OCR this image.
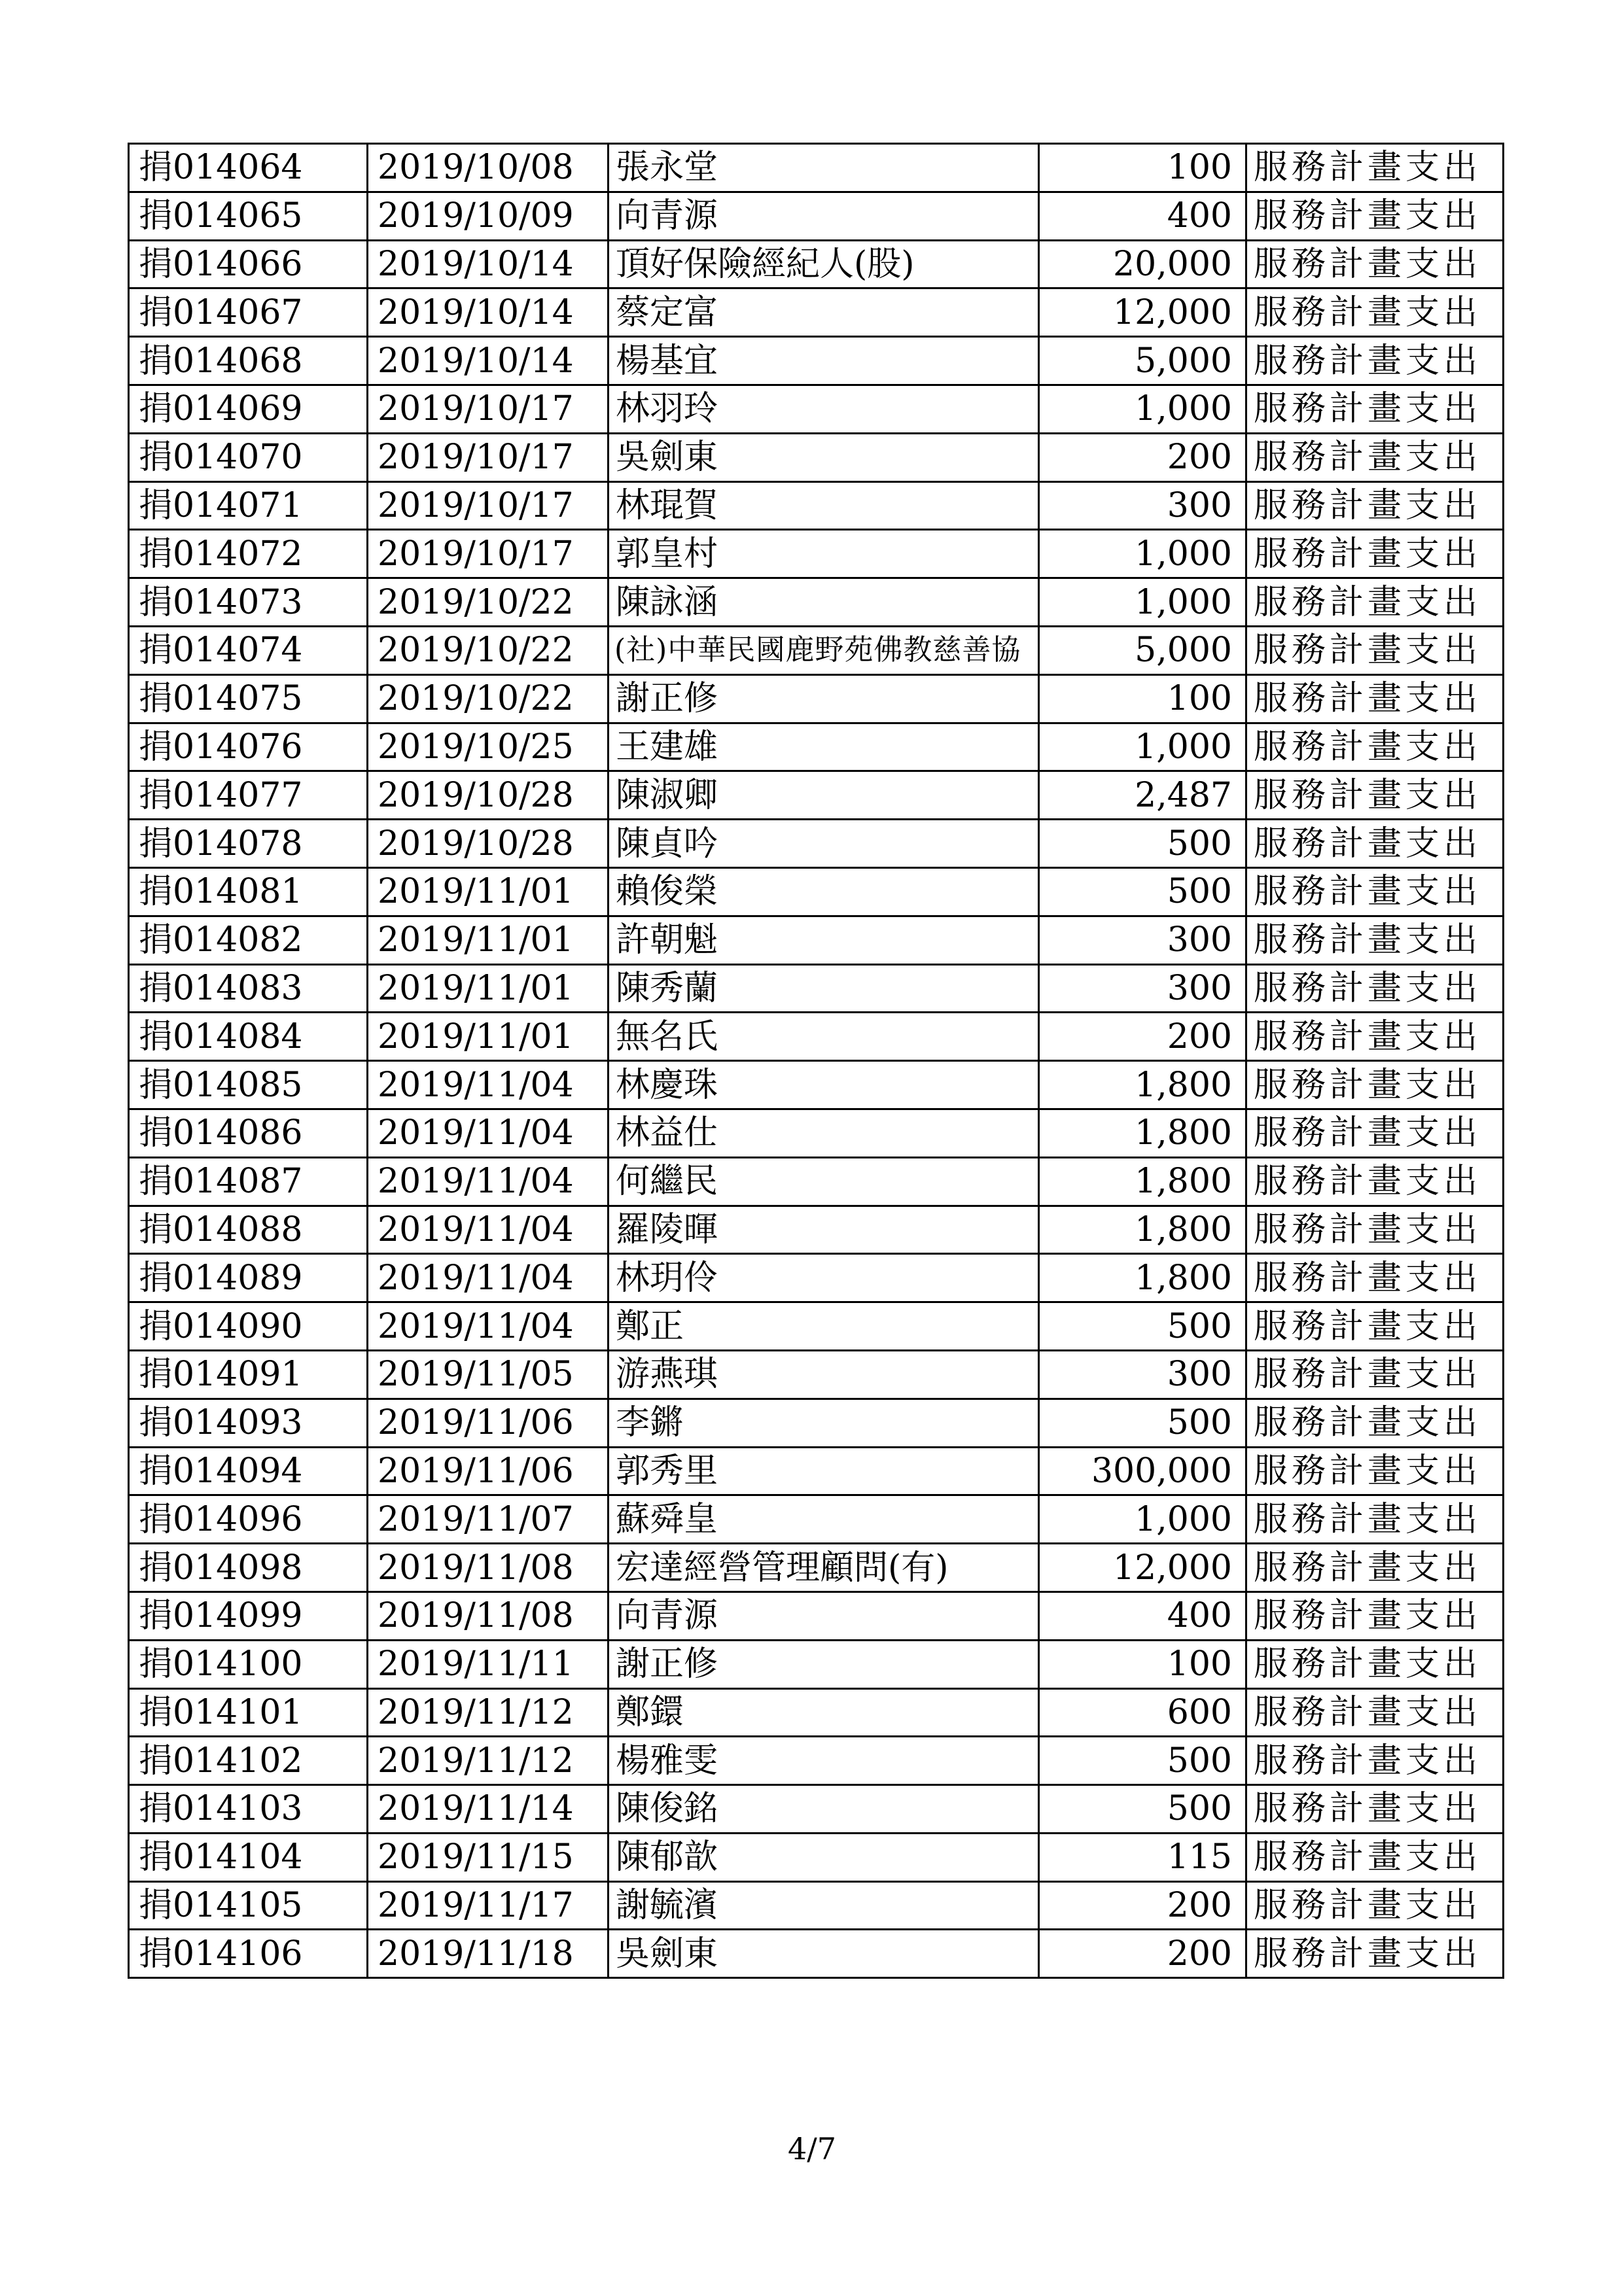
捐014064	2019/10/08	張永堂	100	服務計畫支出
捐014065	2019/10/09	向青源	400	服務計畫支出
捐014066	2019/10/14	頂好保險經紀人(股)	20,000	服務計畫支出
捐014067	2019/10/14	蔡定富	12,000	服務計畫支出
捐014068	2019/10/14	楊基宜	5,000	服務計畫支出
捐014069	2019/10/17	林羽玲	1,000	服務計畫支出
捐014070	2019/10/17	吳劍東	200	服務計畫支出
捐014071	2019/10/17	林琨賀	300	服務計畫支出
捐014072	2019/10/17	郭皇村	1,000	服務計畫支出
捐014073	2019/10/22	陳詠涵	1,000	服務計畫支出
捐014074	2019/10/22	(社)中華民國鹿野苑佛教慈善協	5,000	服務計畫支出
捐014075	2019/10/22	謝正修	100	服務計畫支出
捐014076	2019/10/25	王建雄	1,000	服務計畫支出
捐014077	2019/10/28	陳淑卿	2,487	服務計畫支出
捐014078	2019/10/28	陳貞吟	500	服務計畫支出
捐014081	2019/11/01	賴俊榮	500	服務計畫支出
捐014082	2019/11/01	許朝魁	300	服務計畫支出
捐014083	2019/11/01	陳秀蘭	300	服務計畫支出
捐014084	2019/11/01	無名氏	200	服務計畫支出
捐014085	2019/11/04	林慶珠	1,800	服務計畫支出
捐014086	2019/11/04	林益仕	1,800	服務計畫支出
捐014087	2019/11/04	何繼民	1,800	服務計畫支出
捐014088	2019/11/04	羅陵暉	1,800	服務計畫支出
捐014089	2019/11/04	林玥伶	1,800	服務計畫支出
捐014090	2019/11/04	鄭正	500	服務計畫支出
捐014091	2019/11/05	游燕琪	300	服務計畫支出
捐014093	2019/11/06	李鏘	500	服務計畫支出
捐014094	2019/11/06	郭秀里	300,000	服務計畫支出
捐014096	2019/11/07	蘇舜皇	1,000	服務計畫支出
捐014098	2019/11/08	宏達經營管理顧問(有)	12,000	服務計畫支出
捐014099	2019/11/08	向青源	400	服務計畫支出
捐014100	2019/11/11	謝正修	100	服務計畫支出
捐014101	2019/11/12	鄭鐶	600	服務計畫支出
捐014102	2019/11/12	楊雅雯	500	服務計畫支出
捐014103	2019/11/14	陳俊銘	500	服務計畫支出
捐014104	2019/11/15	陳郁歆	115	服務計畫支出
捐014105	2019/11/17	謝毓濱	200	服務計畫支出
捐014106	2019/11/18	吳劍東	200	服務計畫支出
4/7
